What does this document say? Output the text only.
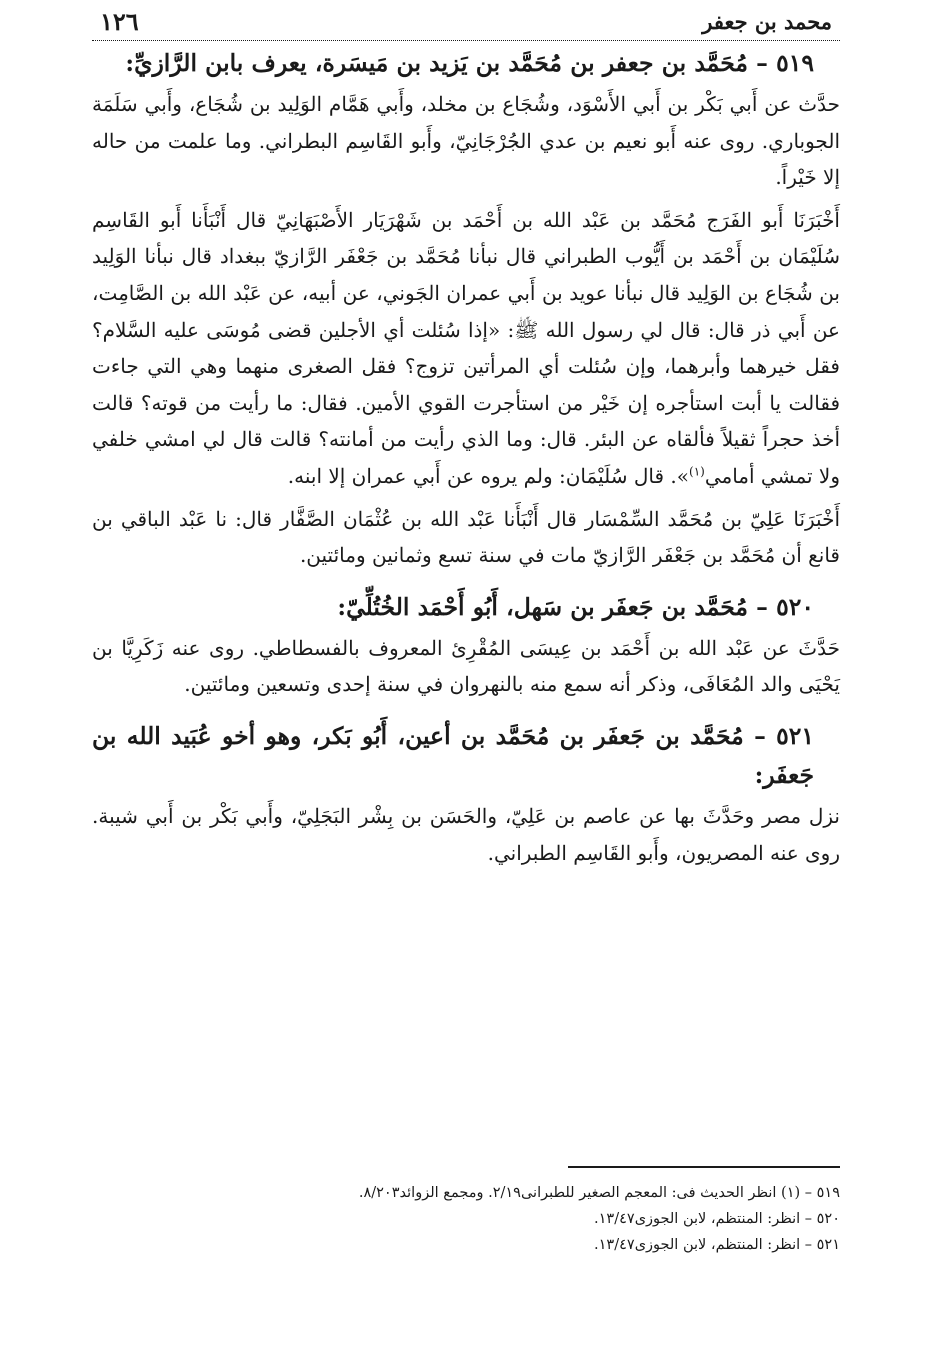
محمد بن جعفر
١٢٦
٥١٩ – مُحَمَّد بن جعفر بن مُحَمَّد بن يَزيد بن مَيسَرة، يعرف بابن الرَّازيِّ:

حدَّث عن أَبي بَكْر بن أَبي الأَسْوَد، وشُجَاع بن مخلد، وأَبي هَمَّام الوَلِيد بن شُجَاع، وأَبي سَلَمَة الجوباري. روى عنه أَبو نعيم بن عدي الجُرْجَانِيّ، وأَبو القَاسِم البطراني. وما علمت من حاله إلا خَيْراً.

أَخْبَرَنَا أَبو الفَرَج مُحَمَّد بن عَبْد الله بن أَحْمَد بن شَهْرَيَار الأَصْبَهَانِيّ قال أَنْبَأَنا أَبو القَاسِم سُلَيْمَان بن أَحْمَد بن أَيُّوب الطبراني قال نبأنا مُحَمَّد بن جَعْفَر الرَّازيّ ببغداد قال نبأنا الوَلِيد بن شُجَاع بن الوَلِيد قال نبأنا عويد بن أَبي عمران الجَوني، عن أبيه، عن عَبْد الله بن الصَّامِت، عن أَبي ذر قال: قال لي رسول الله ﷺ: «إذا سُئلت أي الأجلين قضى مُوسَى عليه السَّلام؟ فقل خيرهما وأبرهما، وإن سُئلت أي المرأتين تزوج؟ فقل الصغرى منهما وهي التي جاءت فقالت يا أبت استأجره إن خَيْر من استأجرت القوي الأمين. فقال: ما رأيت من قوته؟ قالت أخذ حجراً ثقيلاً فألقاه عن البئر. قال: وما الذي رأيت من أمانته؟ قالت قال لي امشي خلفي ولا تمشي أمامي$^{(١)}$». قال سُلَيْمَان: ولم يروه عن أَبي عمران إلا ابنه.

أَخْبَرَنَا عَلِيّ بن مُحَمَّد السِّمْسَار قال أَنْبَأَنا عَبْد الله بن عُثْمَان الصَّفَّار قال: نا عَبْد الباقي بن قانع أن مُحَمَّد بن جَعْفَر الرَّازيّ مات في سنة تسع وثمانين ومائتين.

٥٢٠ – مُحَمَّد بن جَعفَر بن سَهل، أَبُو أَحْمَد الخُتُلِّيّ:

حَدَّثَ عن عَبْد الله بن أَحْمَد بن عِيسَى المُقْرِئ المعروف بالفسطاطي. روى عنه زَكَرِيَّا بن يَحْيَى والد المُعَافَى، وذكر أنه سمع منه بالنهروان في سنة إحدى وتسعين ومائتين.

٥٢١ – مُحَمَّد بن جَعفَر بن مُحَمَّد بن أعين، أَبُو بَكر، وهو أخو عُبَيد الله بن جَعفَر:

نزل مصر وحَدَّثَ بها عن عاصم بن عَلِيّ، والحَسَن بن بِشْر البَجَلِيّ، وأَبي بَكْر بن أَبي شيبة. روى عنه المصريون، وأَبو القَاسِم الطبراني.

٥١٩ – (١) انظر الحديث فى: المعجم الصغير للطبرانى٢/١٩. ومجمع الزوائد٨/٢٠٣.

٥٢٠ – انظر: المنتظم، لابن الجوزى١٣/٤٧.

٥٢١ – انظر: المنتظم، لابن الجوزى١٣/٤٧.
